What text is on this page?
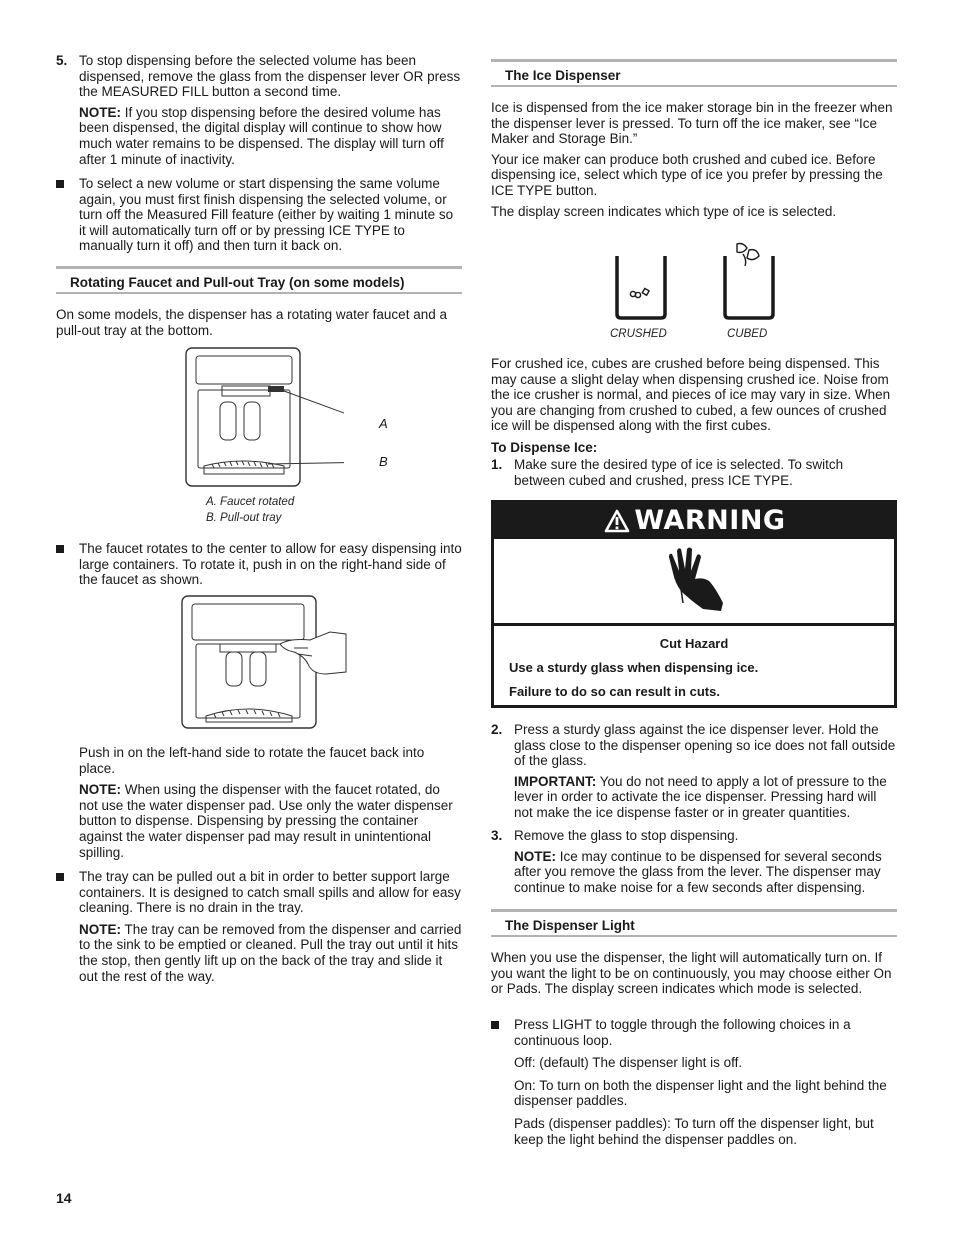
5. To stop dispensing before the selected volume has been dispensed, remove the glass from the dispenser lever OR press the MEASURED FILL button a second time.

NOTE: If you stop dispensing before the desired volume has been dispensed, the digital display will continue to show how much water remains to be dispensed. The display will turn off after 1 minute of inactivity.

To select a new volume or start dispensing the same volume again, you must first finish dispensing the selected volume, or turn off the Measured Fill feature (either by waiting 1 minute so it will automatically turn off or by pressing ICE TYPE to manually turn it off) and then turn it back on.

Rotating Faucet and Pull-out Tray (on some models)

On some models, the dispenser has a rotating water faucet and a pull-out tray at the bottom.

A
B
A. Faucet rotated
B. Pull-out tray

The faucet rotates to the center to allow for easy dispensing into large containers. To rotate it, push in on the right-hand side of the faucet as shown.

Push in on the left-hand side to rotate the faucet back into place.

NOTE: When using the dispenser with the faucet rotated, do not use the water dispenser pad. Use only the water dispenser button to dispense. Dispensing by pressing the container against the water dispenser pad may result in unintentional spilling.

The tray can be pulled out a bit in order to better support large containers. It is designed to catch small spills and allow for easy cleaning. There is no drain in the tray.

NOTE: The tray can be removed from the dispenser and carried to the sink to be emptied or cleaned. Pull the tray out until it hits the stop, then gently lift up on the back of the tray and slide it out the rest of the way.

The Ice Dispenser

Ice is dispensed from the ice maker storage bin in the freezer when the dispenser lever is pressed. To turn off the ice maker, see “Ice Maker and Storage Bin.”

Your ice maker can produce both crushed and cubed ice. Before dispensing ice, select which type of ice you prefer by pressing the ICE TYPE button.

The display screen indicates which type of ice is selected.

CRUSHED	CUBED

For crushed ice, cubes are crushed before being dispensed. This may cause a slight delay when dispensing crushed ice. Noise from the ice crusher is normal, and pieces of ice may vary in size. When you are changing from crushed to cubed, a few ounces of crushed ice will be dispensed along with the first cubes.

To Dispense Ice:

1. Make sure the desired type of ice is selected. To switch between cubed and crushed, press ICE TYPE.

WARNING

Cut Hazard

Use a sturdy glass when dispensing ice.

Failure to do so can result in cuts.

2. Press a sturdy glass against the ice dispenser lever. Hold the glass close to the dispenser opening so ice does not fall outside of the glass.

IMPORTANT: You do not need to apply a lot of pressure to the lever in order to activate the ice dispenser. Pressing hard will not make the ice dispense faster or in greater quantities.

3. Remove the glass to stop dispensing.

NOTE: Ice may continue to be dispensed for several seconds after you remove the glass from the lever. The dispenser may continue to make noise for a few seconds after dispensing.

The Dispenser Light

When you use the dispenser, the light will automatically turn on. If you want the light to be on continuously, you may choose either On or Pads. The display screen indicates which mode is selected.

Press LIGHT to toggle through the following choices in a continuous loop.

Off: (default) The dispenser light is off.

On: To turn on both the dispenser light and the light behind the dispenser paddles.

Pads (dispenser paddles): To turn off the dispenser light, but keep the light behind the dispenser paddles on.

14
